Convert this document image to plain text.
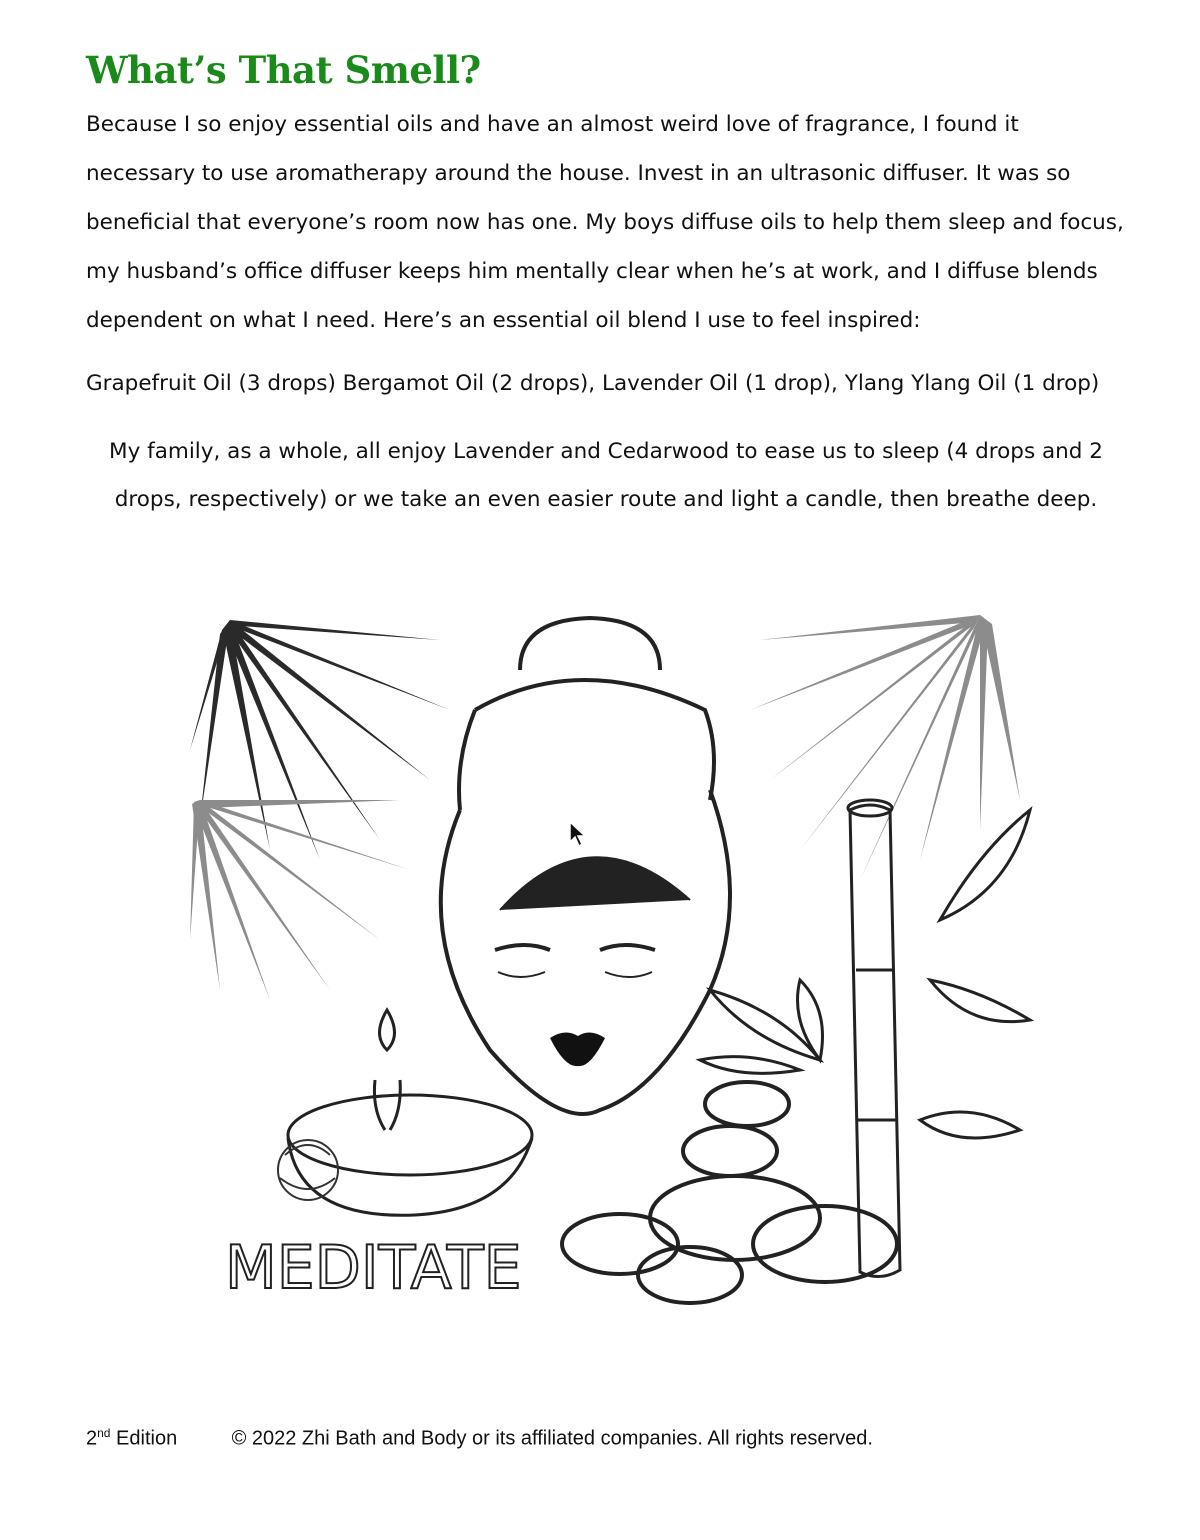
What’s That Smell?

Because I so enjoy essential oils and have an almost weird love of fragrance, I found it necessary to use aromatherapy around the house. Invest in an ultrasonic diffuser. It was so beneficial that everyone’s room now has one. My boys diffuse oils to help them sleep and focus, my husband’s office diffuser keeps him mentally clear when he’s at work, and I diffuse blends dependent on what I need. Here’s an essential oil blend I use to feel inspired:

Grapefruit Oil (3 drops) Bergamot Oil (2 drops), Lavender Oil (1 drop), Ylang Ylang Oil (1 drop)

My family, as a whole, all enjoy Lavender and Cedarwood to ease us to sleep (4 drops and 2 drops, respectively) or we take an even easier route and light a candle, then breathe deep.

MEDITATE
2nd Edition	© 2022 Zhi Bath and Body or its affiliated companies. All rights reserved.
